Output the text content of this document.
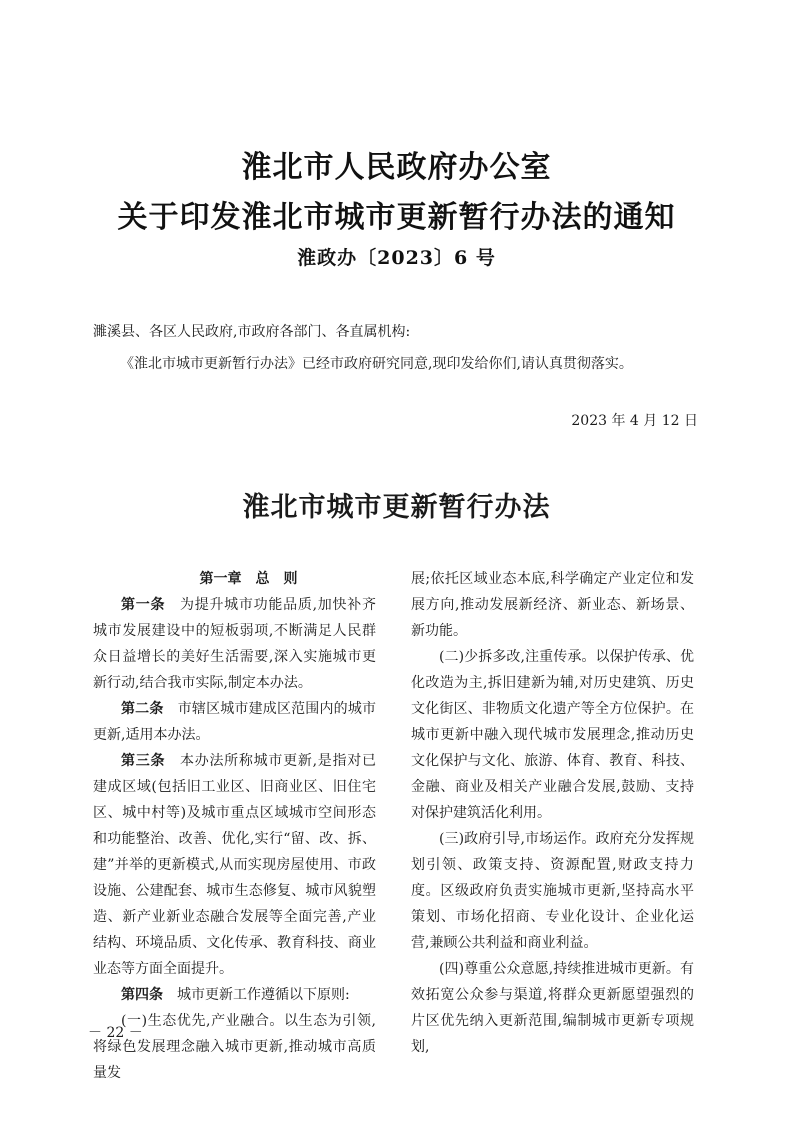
淮北市人民政府办公室
关于印发淮北市城市更新暂行办法的通知
淮政办〔2023〕6 号
濉溪县、各区人民政府,市政府各部门、各直属机构:
《淮北市城市更新暂行办法》已经市政府研究同意,现印发给你们,请认真贯彻落实。
2023 年 4 月 12 日
淮北市城市更新暂行办法

第一章　总　则

第一条　 为提升城市功能品质,加快补齐城市发展建设中的短板弱项,不断满足人民群众日益增长的美好生活需要,深入实施城市更新行动,结合我市实际,制定本办法。

第二条　 市辖区城市建成区范围内的城市更新,适用本办法。

第三条　 本办法所称城市更新,是指对已建成区域(包括旧工业区、旧商业区、旧住宅区、城中村等)及城市重点区域城市空间形态和功能整治、改善、优化,实行“留、改、拆、建”并举的更新模式,从而实现房屋使用、市政设施、公建配套、城市生态修复、城市风貌塑造、新产业新业态融合发展等全面完善,产业结构、环境品质、文化传承、教育科技、商业业态等方面全面提升。

第四条　 城市更新工作遵循以下原则:

(一)生态优先,产业融合。以生态为引领,将绿色发展理念融入城市更新,推动城市高质量发

展;依托区域业态本底,科学确定产业定位和发展方向,推动发展新经济、新业态、新场景、新功能。

(二)少拆多改,注重传承。以保护传承、优化改造为主,拆旧建新为辅,对历史建筑、历史文化街区、非物质文化遗产等全方位保护。在城市更新中融入现代城市发展理念,推动历史文化保护与文化、旅游、体育、教育、科技、金融、商业及相关产业融合发展,鼓励、支持对保护建筑活化利用。

(三)政府引导,市场运作。政府充分发挥规划引领、政策支持、资源配置,财政支持力度。区级政府负责实施城市更新,坚持高水平策划、市场化招商、专业化设计、企业化运营,兼顾公共利益和商业利益。

(四)尊重公众意愿,持续推进城市更新。有效拓宽公众参与渠道,将群众更新愿望强烈的片区优先纳入更新范围,编制城市更新专项规划,

－ 22 －
